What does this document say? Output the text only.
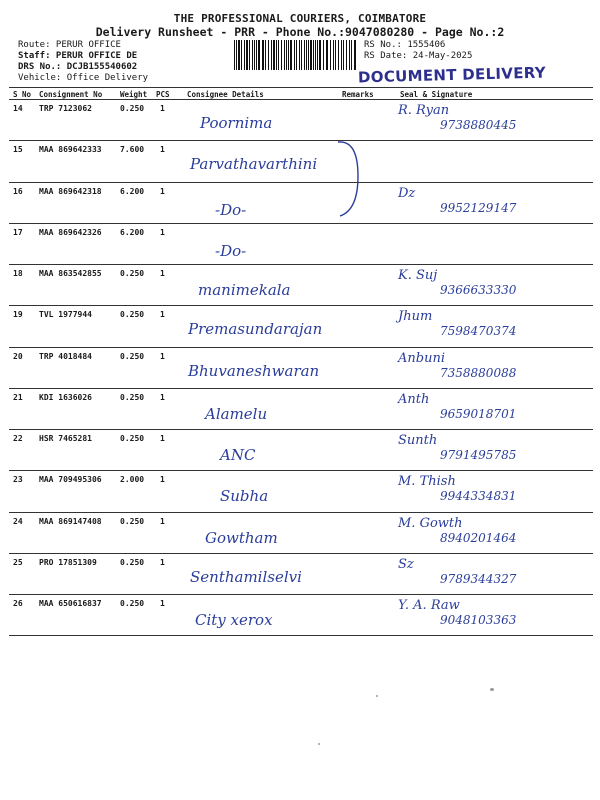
THE PROFESSIONAL COURIERS, COIMBATORE
Delivery Runsheet - PRR - Phone No.:9047080280 - Page No.:2
Route: PERUR OFFICE
Staff: PERUR OFFICE DE
DRS No.: DCJB155540602
Vehicle: Office Delivery
RS No.: 1555406
RS Date: 24-May-2025
DOCUMENT DELIVERY
S No Consignment No Weight PCS Consignee Details	Remarks	Seal & Signature
14 TRP 7123062	0.250 1
Poornima
R. Ryan
9738880445
15 MAA 869642333 7.600 1
Parvathavarthini
16 MAA 869642318 6.200 1
-Do-
Dz
9952129147
17 MAA 869642326 6.200 1
-Do-
18 MAA 863542855 0.250 1
manimekala
K. Suj
9366633330
19 TVL 1977944	0.250 1
Premasundarajan
Jhum
7598470374
20 TRP 4018484	0.250 1
Bhuvaneshwaran
Anbuni
7358880088
21 KDI 1636026	0.250 1
Alamelu
Anth
9659018701
22 HSR 7465281	0.250 1
ANC
Sunth
9791495785
23 MAA 709495306 2.000 1
Subha
M. Thish
9944334831
24 MAA 869147408 0.250 1
Gowtham
M. Gowth
8940201464
25 PRO 17851309	0.250 1
Senthamilselvi
Sz
9789344327
26 MAA 650616837 0.250 1
City xerox
Y. A. Raw
9048103363
